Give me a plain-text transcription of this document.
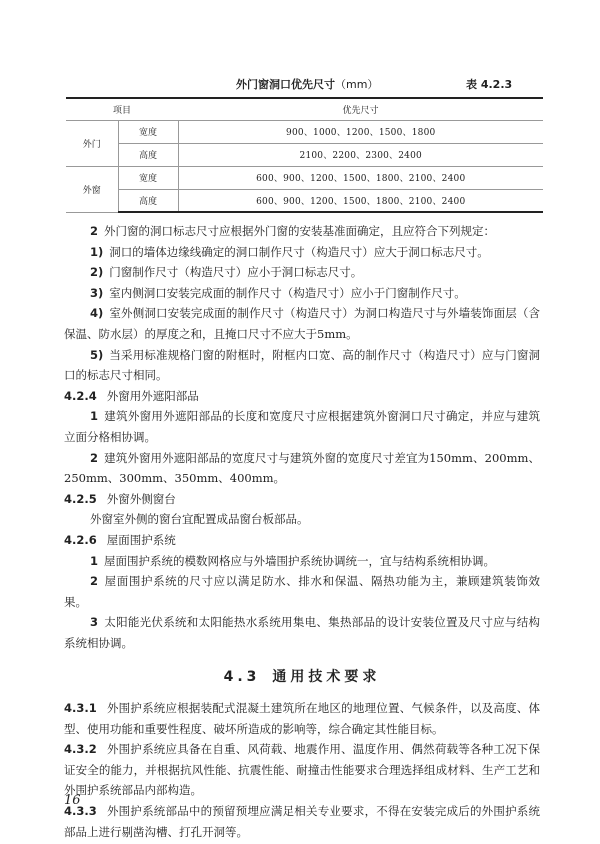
外门窗洞口优先尺寸（mm）	表 4.2.3
项目		优先尺寸
外门	宽度	900、1000、1200、1500、1800
	高度	2100、2200、2300、2400
外窗	宽度	600、900、1200、1500、1800、2100、2400
	高度	600、900、1200、1500、1800、2100、2400
2 外门窗的洞口标志尺寸应根据外门窗的安装基准面确定，且应符合下列规定：
1) 洞口的墙体边缘线确定的洞口制作尺寸（构造尺寸）应大于洞口标志尺寸。
2) 门窗制作尺寸（构造尺寸）应小于洞口标志尺寸。
3) 室内侧洞口安装完成面的制作尺寸（构造尺寸）应小于门窗制作尺寸。
4) 室外侧洞口安装完成面的制作尺寸（构造尺寸）为洞口构造尺寸与外墙装饰面层（含保温、防水层）的厚度之和，且掩口尺寸不应大于5mm。
5) 当采用标准规格门窗的附框时，附框内口宽、高的制作尺寸（构造尺寸）应与门窗洞口的标志尺寸相同。
4.2.4 外窗用外遮阳部品
1 建筑外窗用外遮阳部品的长度和宽度尺寸应根据建筑外窗洞口尺寸确定，并应与建筑立面分格相协调。
2 建筑外窗用外遮阳部品的宽度尺寸与建筑外窗的宽度尺寸差宜为150mm、200mm、250mm、300mm、350mm、400mm。
4.2.5 外窗外侧窗台
外窗室外侧的窗台宜配置成品窗台板部品。
4.2.6 屋面围护系统
1 屋面围护系统的模数网格应与外墙围护系统协调统一，宜与结构系统相协调。
2 屋面围护系统的尺寸应以满足防水、排水和保温、隔热功能为主，兼顾建筑装饰效果。
3 太阳能光伏系统和太阳能热水系统用集电、集热部品的设计安装位置及尺寸应与结构系统相协调。
4.3 通用技术要求
4.3.1 外围护系统应根据装配式混凝土建筑所在地区的地理位置、气候条件，以及高度、体型、使用功能和重要性程度、破坏所造成的影响等，综合确定其性能目标。
4.3.2 外围护系统应具备在自重、风荷载、地震作用、温度作用、偶然荷载等各种工况下保证安全的能力，并根据抗风性能、抗震性能、耐撞击性能要求合理选择组成材料、生产工艺和外围护系统部品内部构造。
4.3.3 外围护系统部品中的预留预埋应满足相关专业要求，不得在安装完成后的外围护系统部品上进行剔凿沟槽、打孔开洞等。
16
